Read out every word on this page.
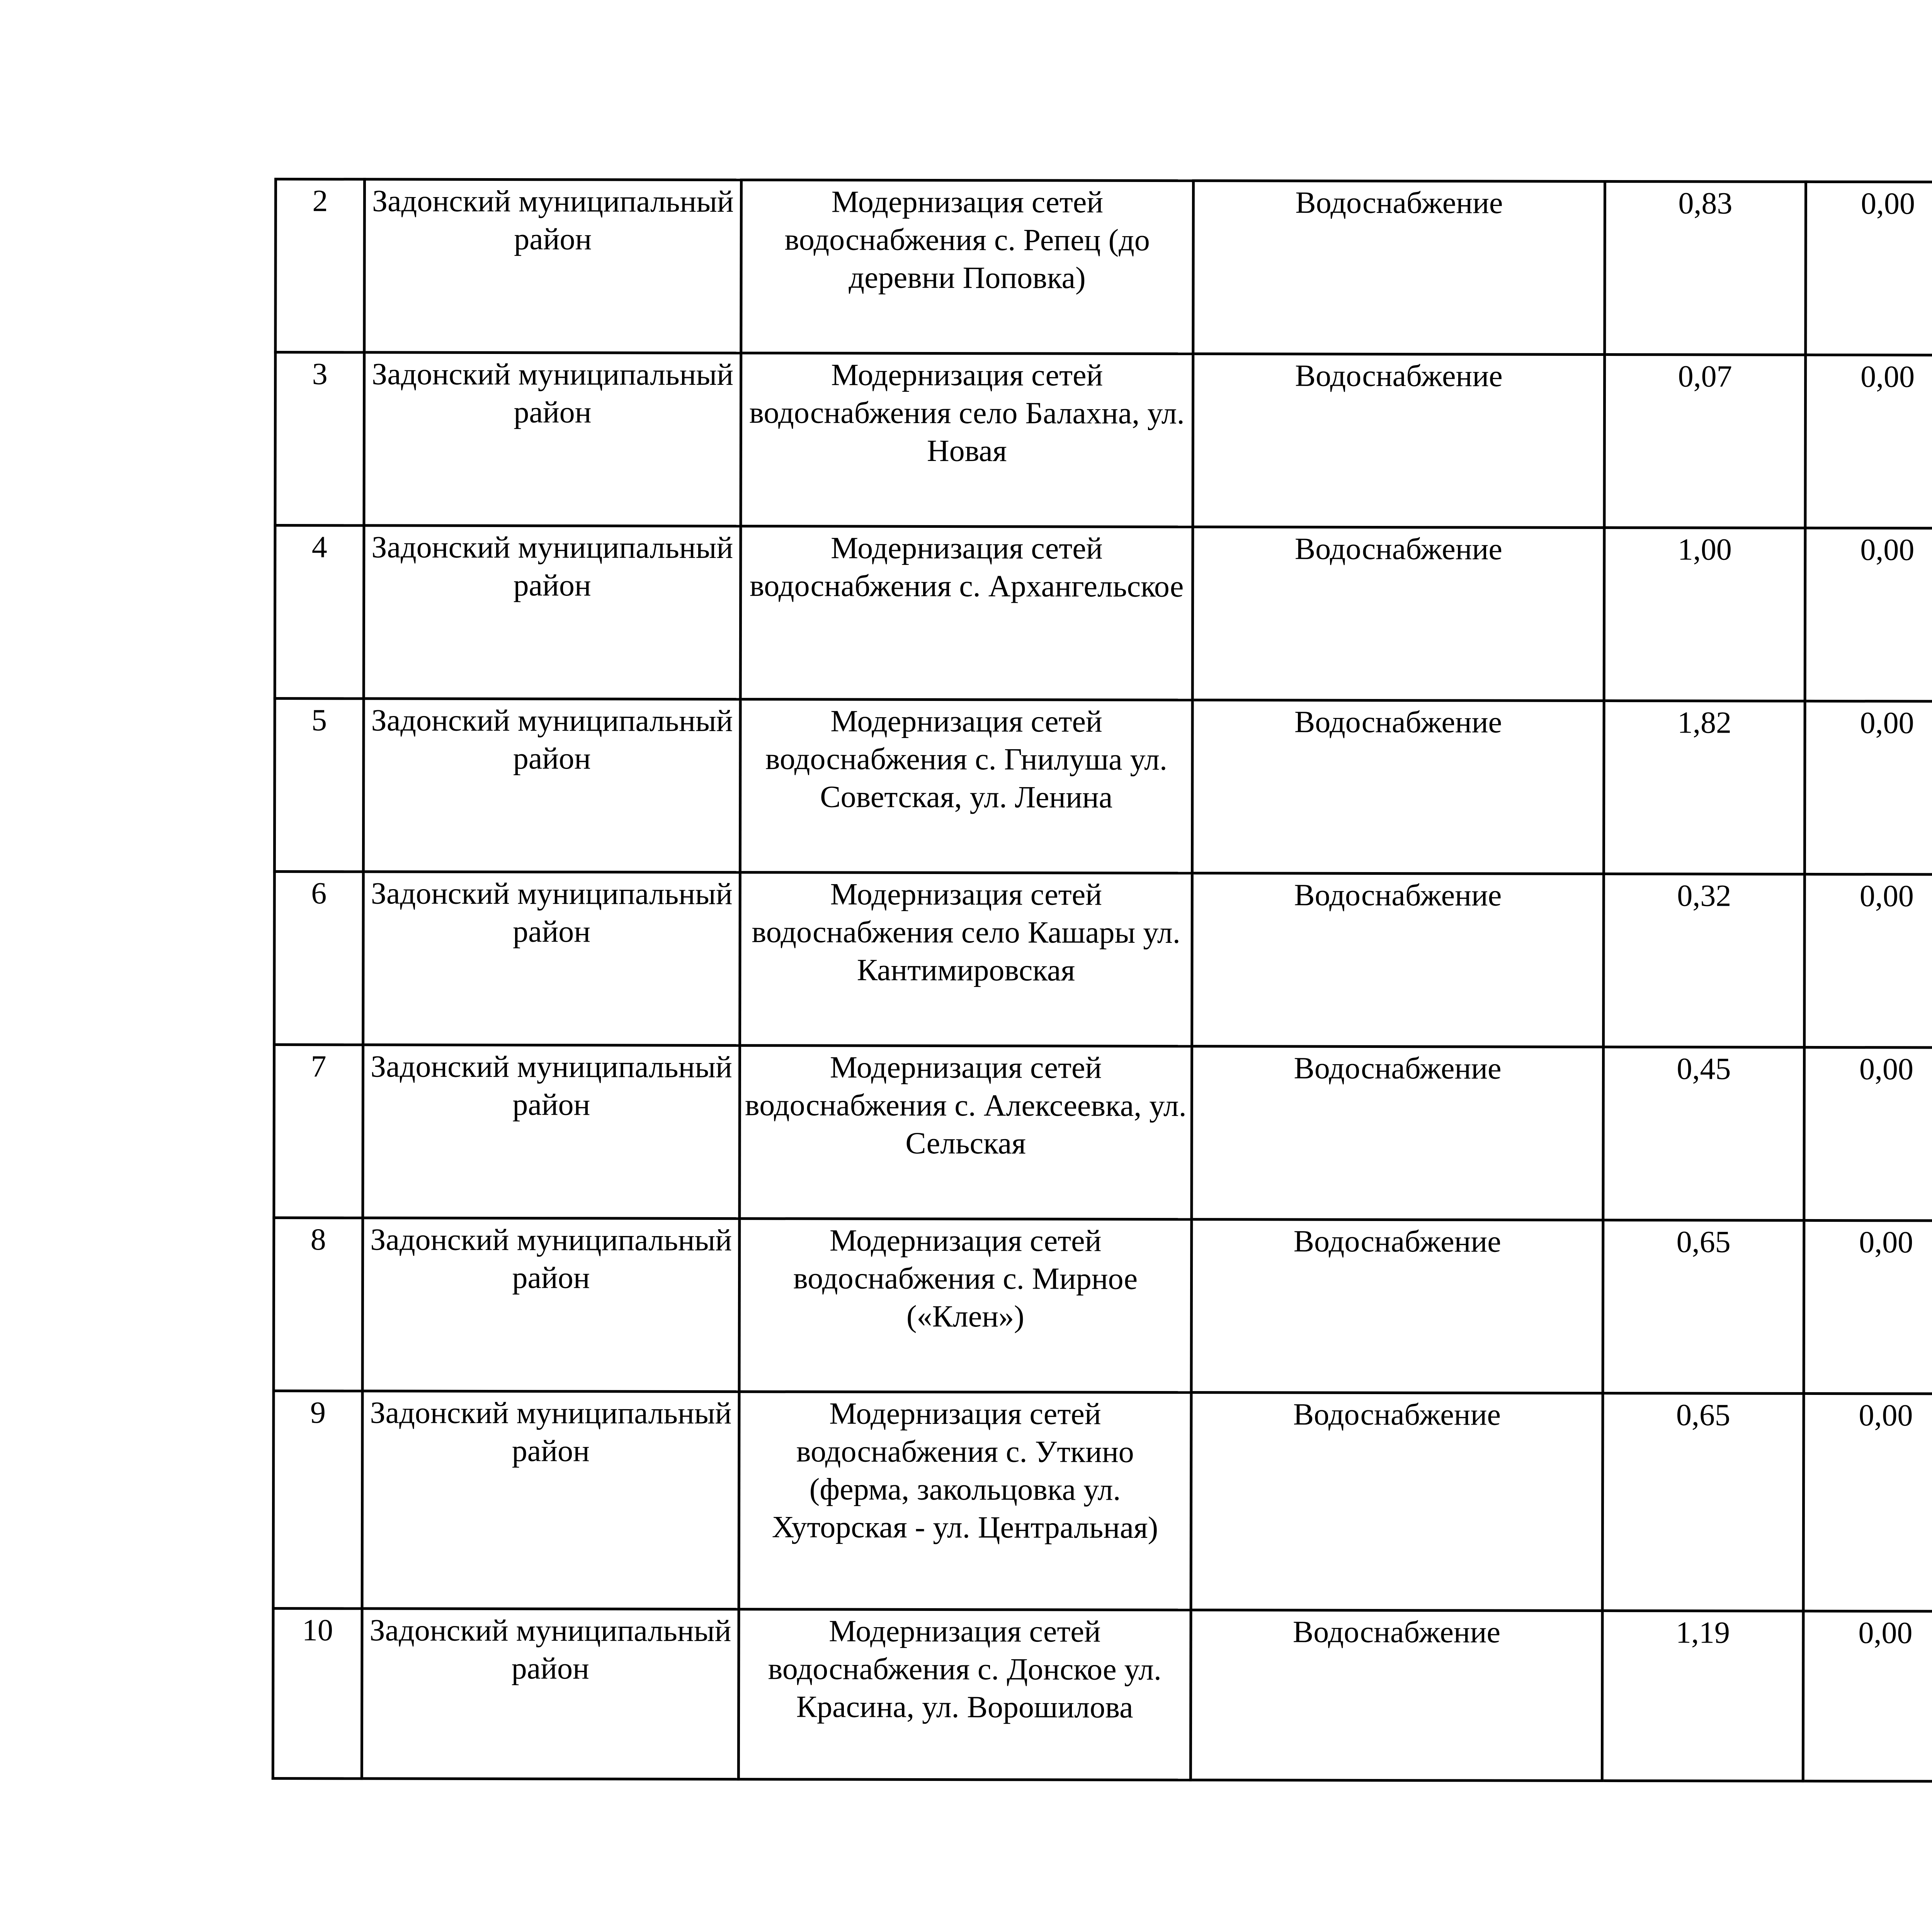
2	Задонский муниципальный район	Модернизация сетей водоснабжения с. Репец (до деревни Поповка)	Водоснабжение	0,83	0,00				
3	Задонский муниципальный район	Модернизация сетей водоснабжения село Балахна, ул. Новая	Водоснабжение	0,07	0,00				
4	Задонский муниципальный район	Модернизация сетей водоснабжения с. Архангельское	Водоснабжение	1,00	0,00				
5	Задонский муниципальный район	Модернизация сетей водоснабжения с. Гнилуша ул. Советская, ул. Ленина	Водоснабжение	1,82	0,00				
6	Задонский муниципальный район	Модернизация сетей водоснабжения село Кашары ул. Кантимировская	Водоснабжение	0,32	0,00				
7	Задонский муниципальный район	Модернизация сетей водоснабжения с. Алексеевка, ул. Сельская	Водоснабжение	0,45	0,00				
8	Задонский муниципальный район	Модернизация сетей водоснабжения с. Мирное («Клен»)	Водоснабжение	0,65	0,00				
9	Задонский муниципальный район	Модернизация сетей водоснабжения с. Уткино (ферма, закольцовка ул. Хуторская - ул. Центральная)	Водоснабжение	0,65	0,00				
10	Задонский муниципальный район	Модернизация сетей водоснабжения с. Донское ул. Красина, ул. Ворошилова	Водоснабжение	1,19	0,00				
